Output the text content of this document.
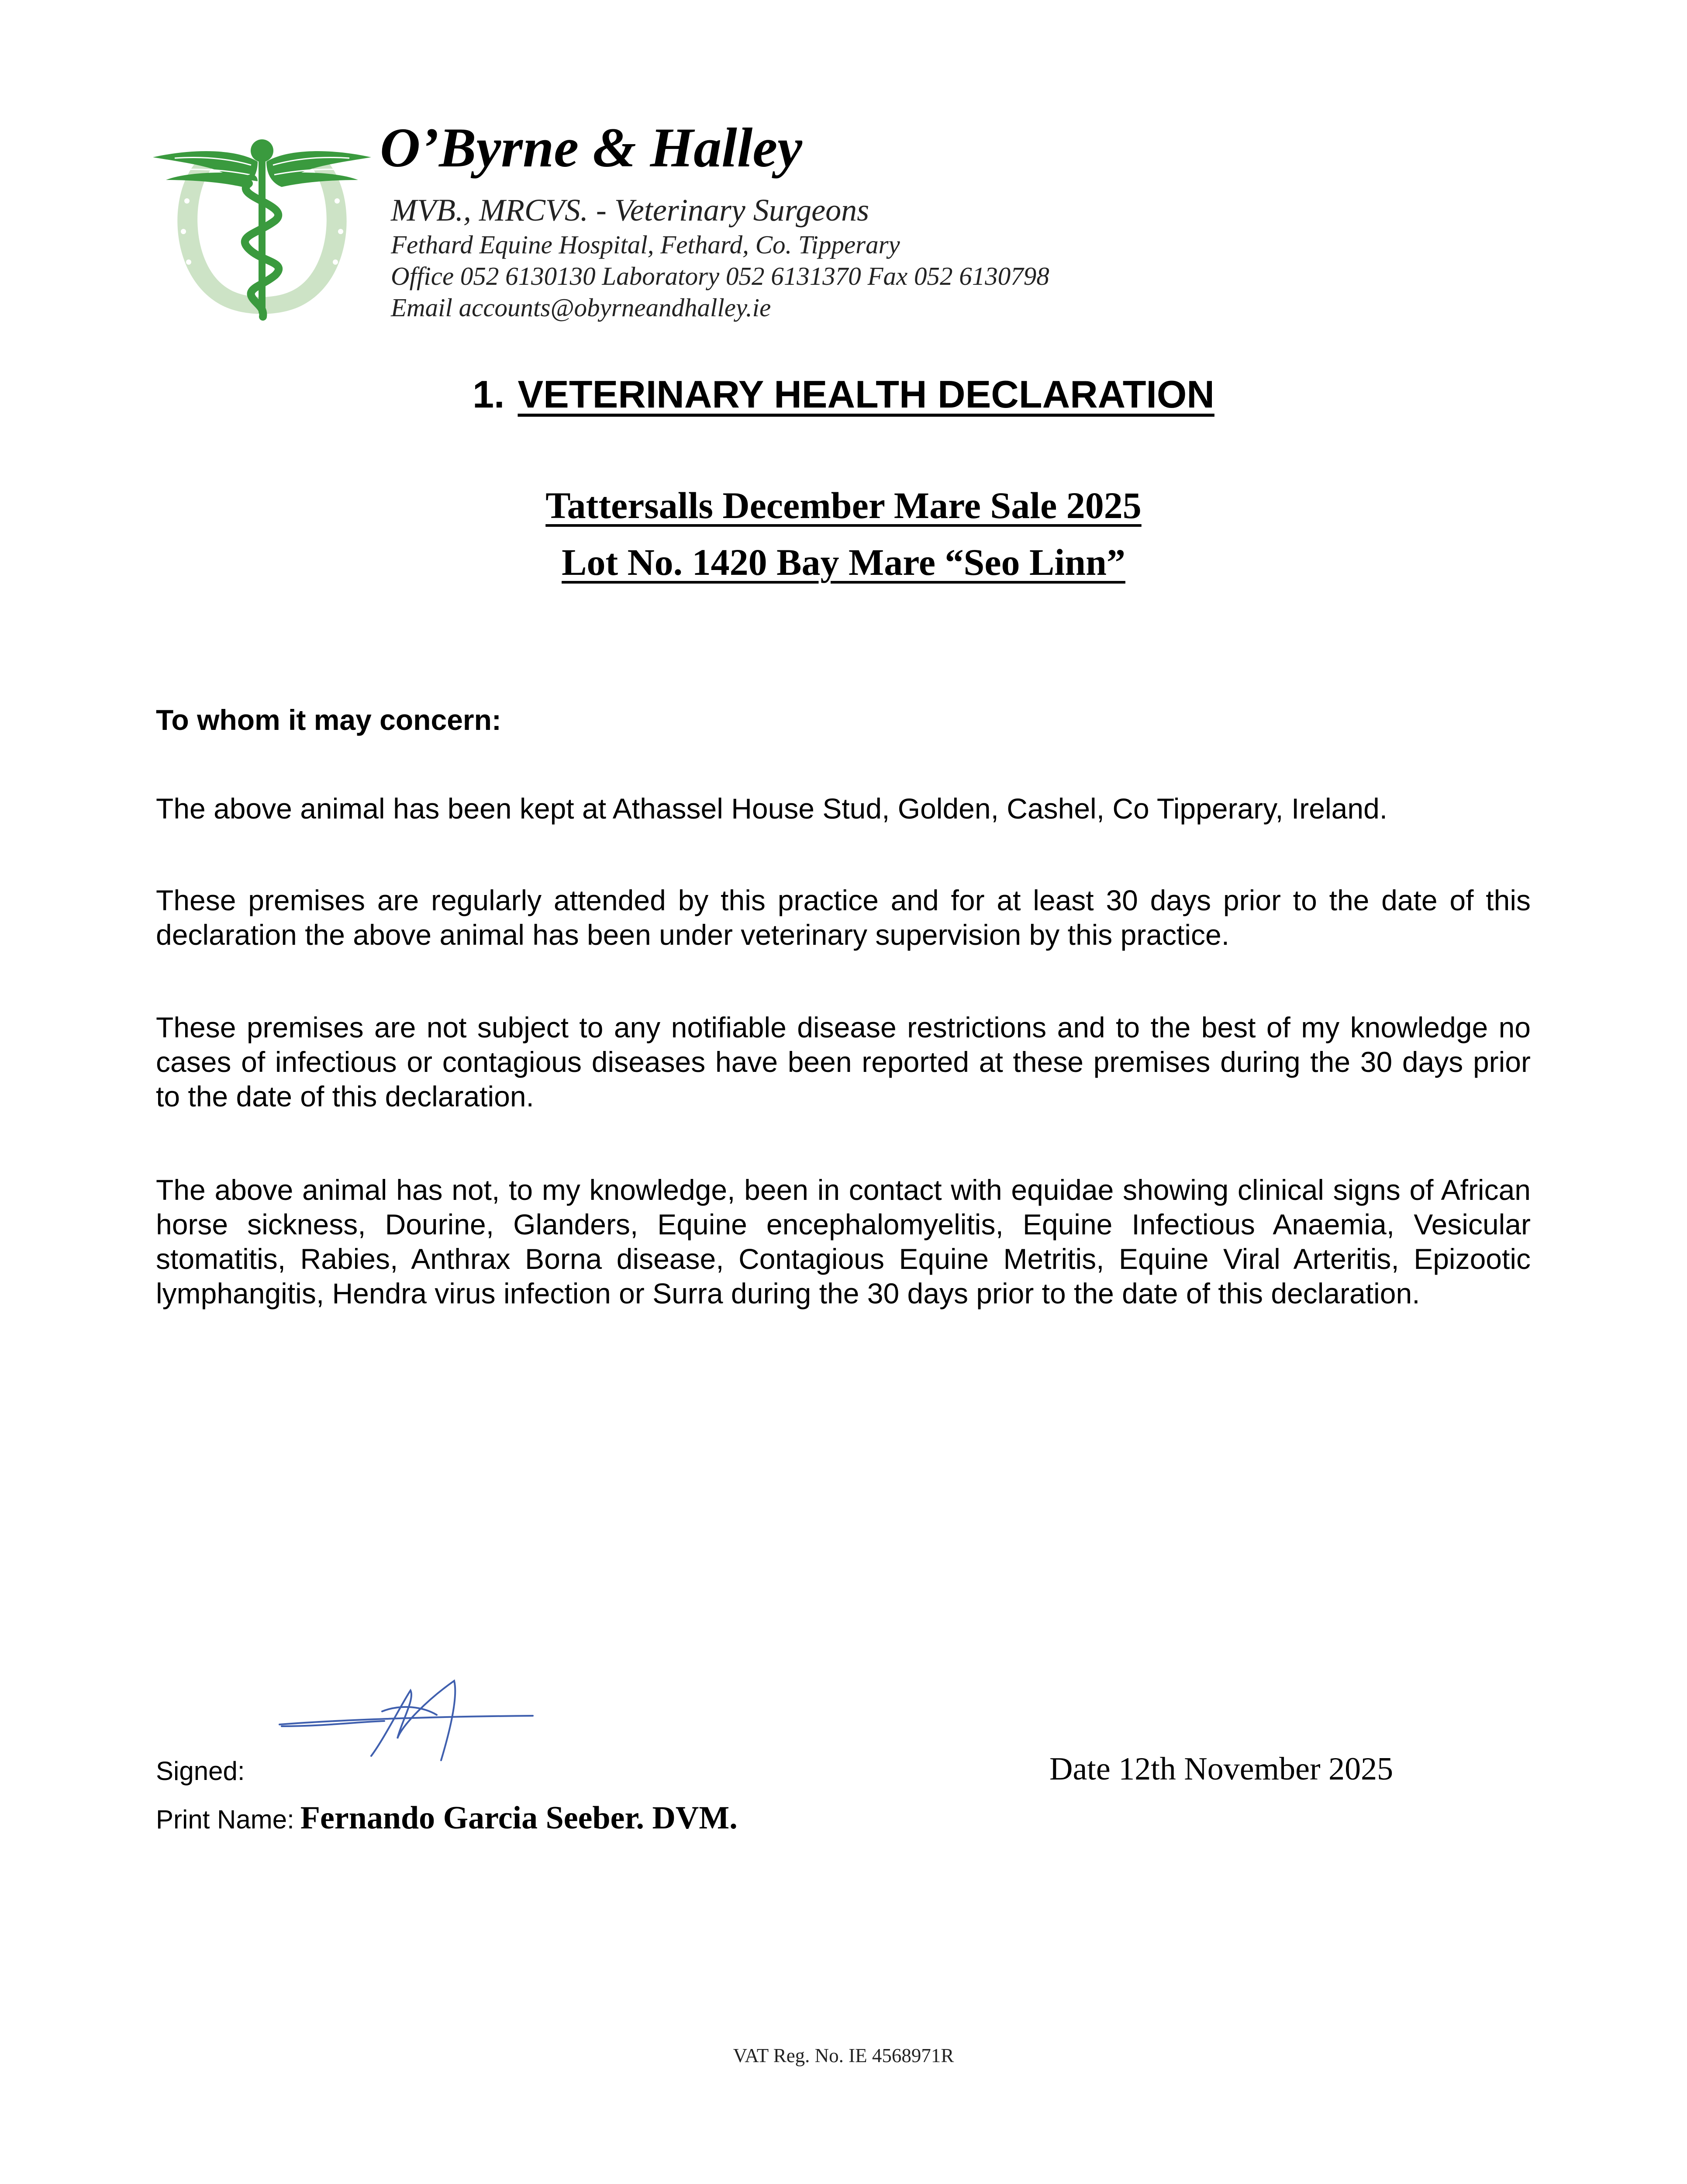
O’Byrne & Halley
MVB., MRCVS. - Veterinary Surgeons
Fethard Equine Hospital, Fethard, Co. Tipperary
Office 052 6130130 Laboratory 052 6131370 Fax 052 6130798
Email accounts@obyrneandhalley.ie
1. VETERINARY HEALTH DECLARATION
Tattersalls December Mare Sale 2025
Lot No. 1420 Bay Mare “Seo Linn”
To whom it may concern:
The above animal has been kept at Athassel House Stud, Golden, Cashel, Co Tipperary, Ireland.
These premises are regularly attended by this practice and for at least 30 days prior to the date of this declaration the above animal has been under veterinary supervision by this practice.
These premises are not subject to any notifiable disease restrictions and to the best of my knowledge no cases of infectious or contagious diseases have been reported at these premises during the 30 days prior to the date of this declaration.
The above animal has not, to my knowledge, been in contact with equidae showing clinical signs of African horse sickness, Dourine, Glanders, Equine encephalomyelitis, Equine Infectious Anaemia, Vesicular stomatitis, Rabies, Anthrax Borna disease, Contagious Equine Metritis, Equine Viral Arteritis, Epizootic lymphangitis, Hendra virus infection or Surra during the 30 days prior to the date of this declaration.
Signed:	Date 12th November 2025
Print Name: Fernando Garcia Seeber. DVM.
VAT Reg. No. IE 4568971R
